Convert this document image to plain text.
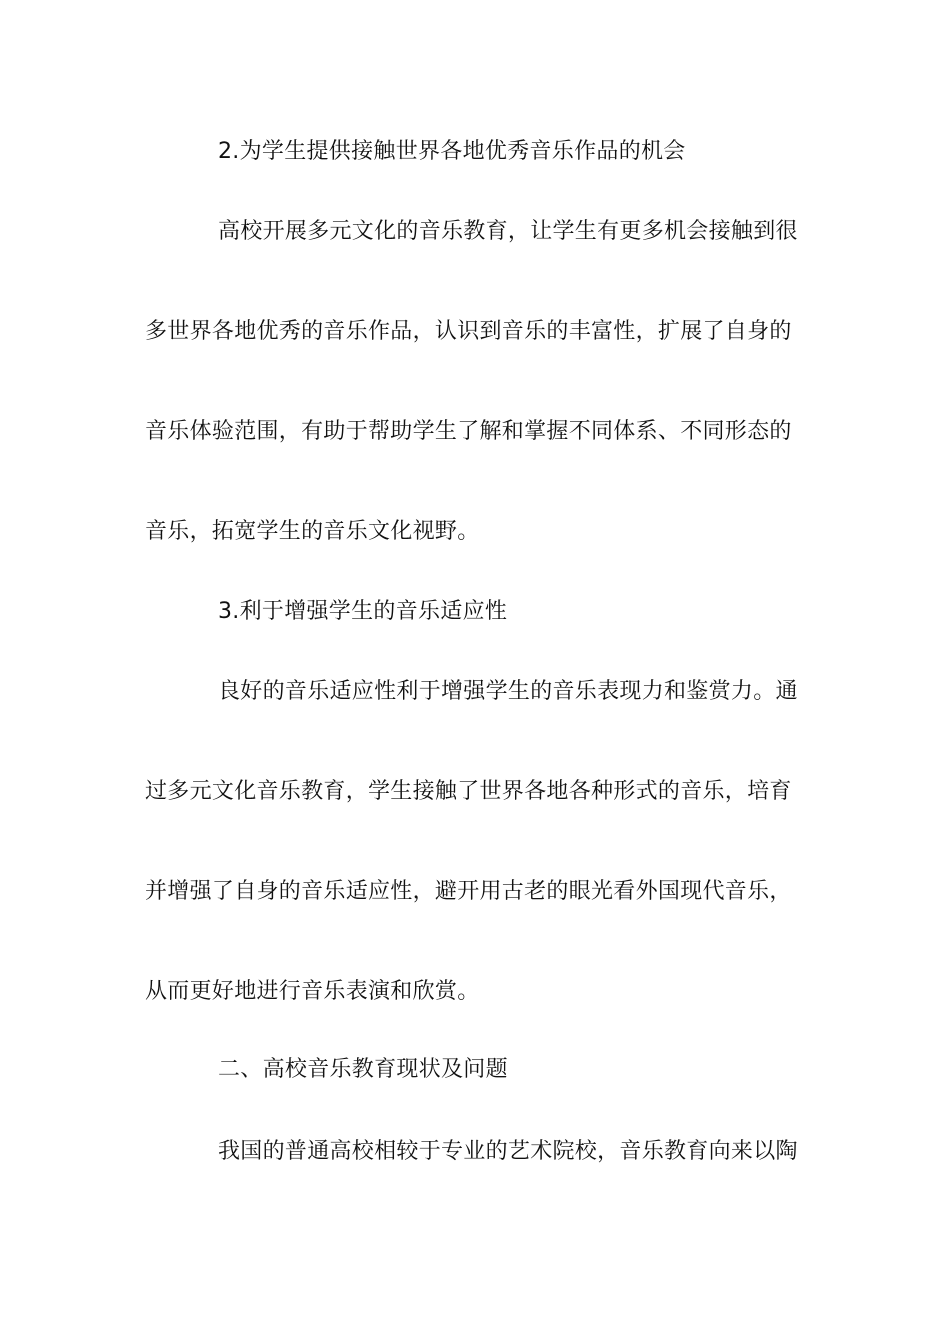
2.为学生提供接触世界各地优秀音乐作品的机会
高校开展多元文化的音乐教育，让学生有更多机会接触到很
多世界各地优秀的音乐作品，认识到音乐的丰富性，扩展了自身的
音乐体验范围，有助于帮助学生了解和掌握不同体系、不同形态的
音乐，拓宽学生的音乐文化视野。
3.利于增强学生的音乐适应性
良好的音乐适应性利于增强学生的音乐表现力和鉴赏力。通
过多元文化音乐教育，学生接触了世界各地各种形式的音乐，培育
并增强了自身的音乐适应性，避开用古老的眼光看外国现代音乐，
从而更好地进行音乐表演和欣赏。
二、高校音乐教育现状及问题
我国的普通高校相较于专业的艺术院校，音乐教育向来以陶
